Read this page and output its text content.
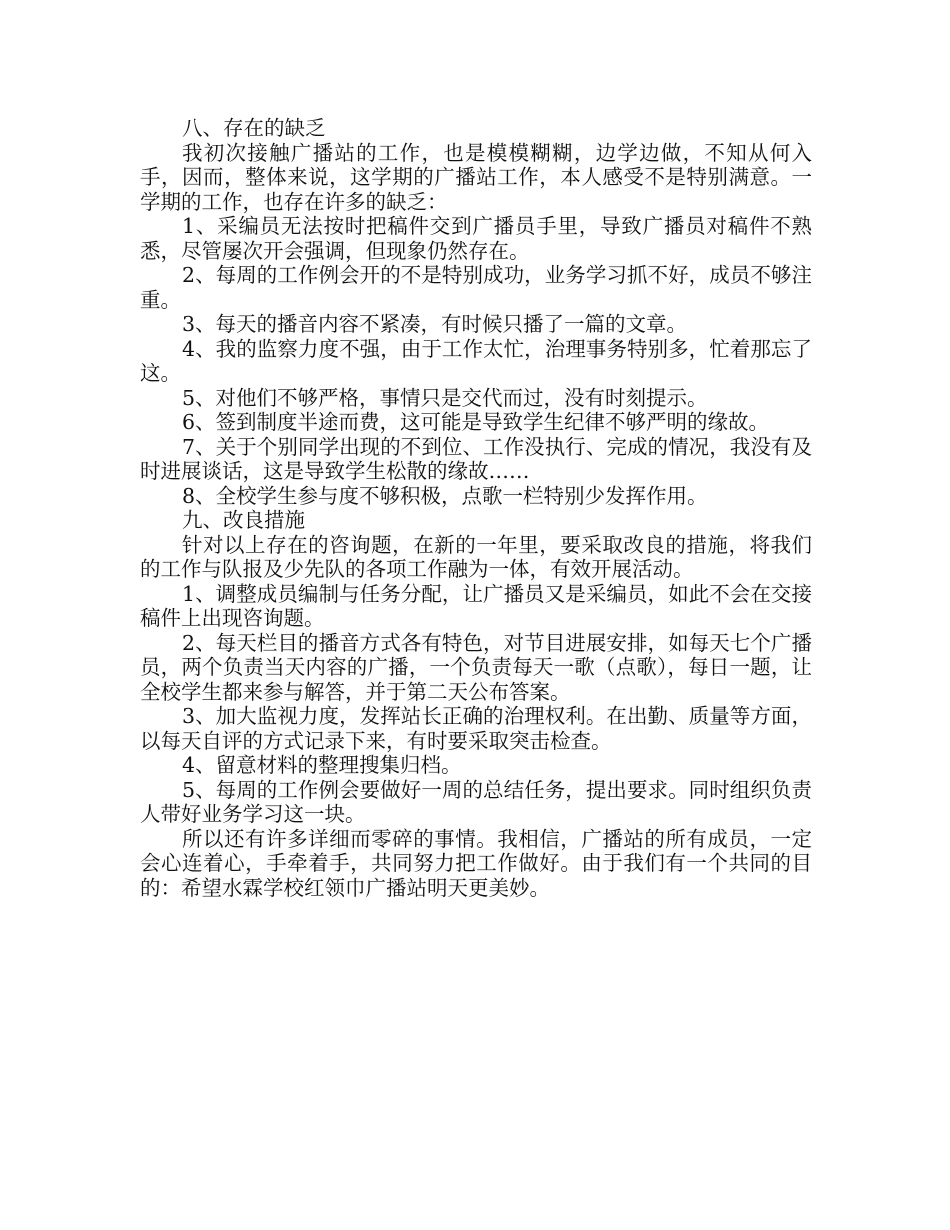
八、存在的缺乏

我初次接触广播站的工作，也是模模糊糊，边学边做，不知从何入手，因而，整体来说，这学期的广播站工作，本人感受不是特别满意。一学期的工作，也存在许多的缺乏：

1、采编员无法按时把稿件交到广播员手里，导致广播员对稿件不熟悉，尽管屡次开会强调，但现象仍然存在。

2、每周的工作例会开的不是特别成功，业务学习抓不好，成员不够注重。

3、每天的播音内容不紧凑，有时候只播了一篇的文章。

4、我的监察力度不强，由于工作太忙，治理事务特别多，忙着那忘了这。

5、对他们不够严格，事情只是交代而过，没有时刻提示。

6、签到制度半途而费，这可能是导致学生纪律不够严明的缘故。

7、关于个别同学出现的不到位、工作没执行、完成的情况，我没有及时进展谈话，这是导致学生松散的缘故……

8、全校学生参与度不够积极，点歌一栏特别少发挥作用。

九、改良措施

针对以上存在的咨询题，在新的一年里，要采取改良的措施，将我们的工作与队报及少先队的各项工作融为一体，有效开展活动。

1、调整成员编制与任务分配，让广播员又是采编员，如此不会在交接稿件上出现咨询题。

2、每天栏目的播音方式各有特色，对节目进展安排，如每天七个广播员，两个负责当天内容的广播，一个负责每天一歌（点歌），每日一题，让全校学生都来参与解答，并于第二天公布答案。

3、加大监视力度，发挥站长正确的治理权利。在出勤、质量等方面，以每天自评的方式记录下来，有时要采取突击检查。

4、留意材料的整理搜集归档。

5、每周的工作例会要做好一周的总结任务，提出要求。同时组织负责人带好业务学习这一块。

所以还有许多详细而零碎的事情。我相信，广播站的所有成员，一定会心连着心，手牵着手，共同努力把工作做好。由于我们有一个共同的目的：希望水霖学校红领巾广播站明天更美妙。
